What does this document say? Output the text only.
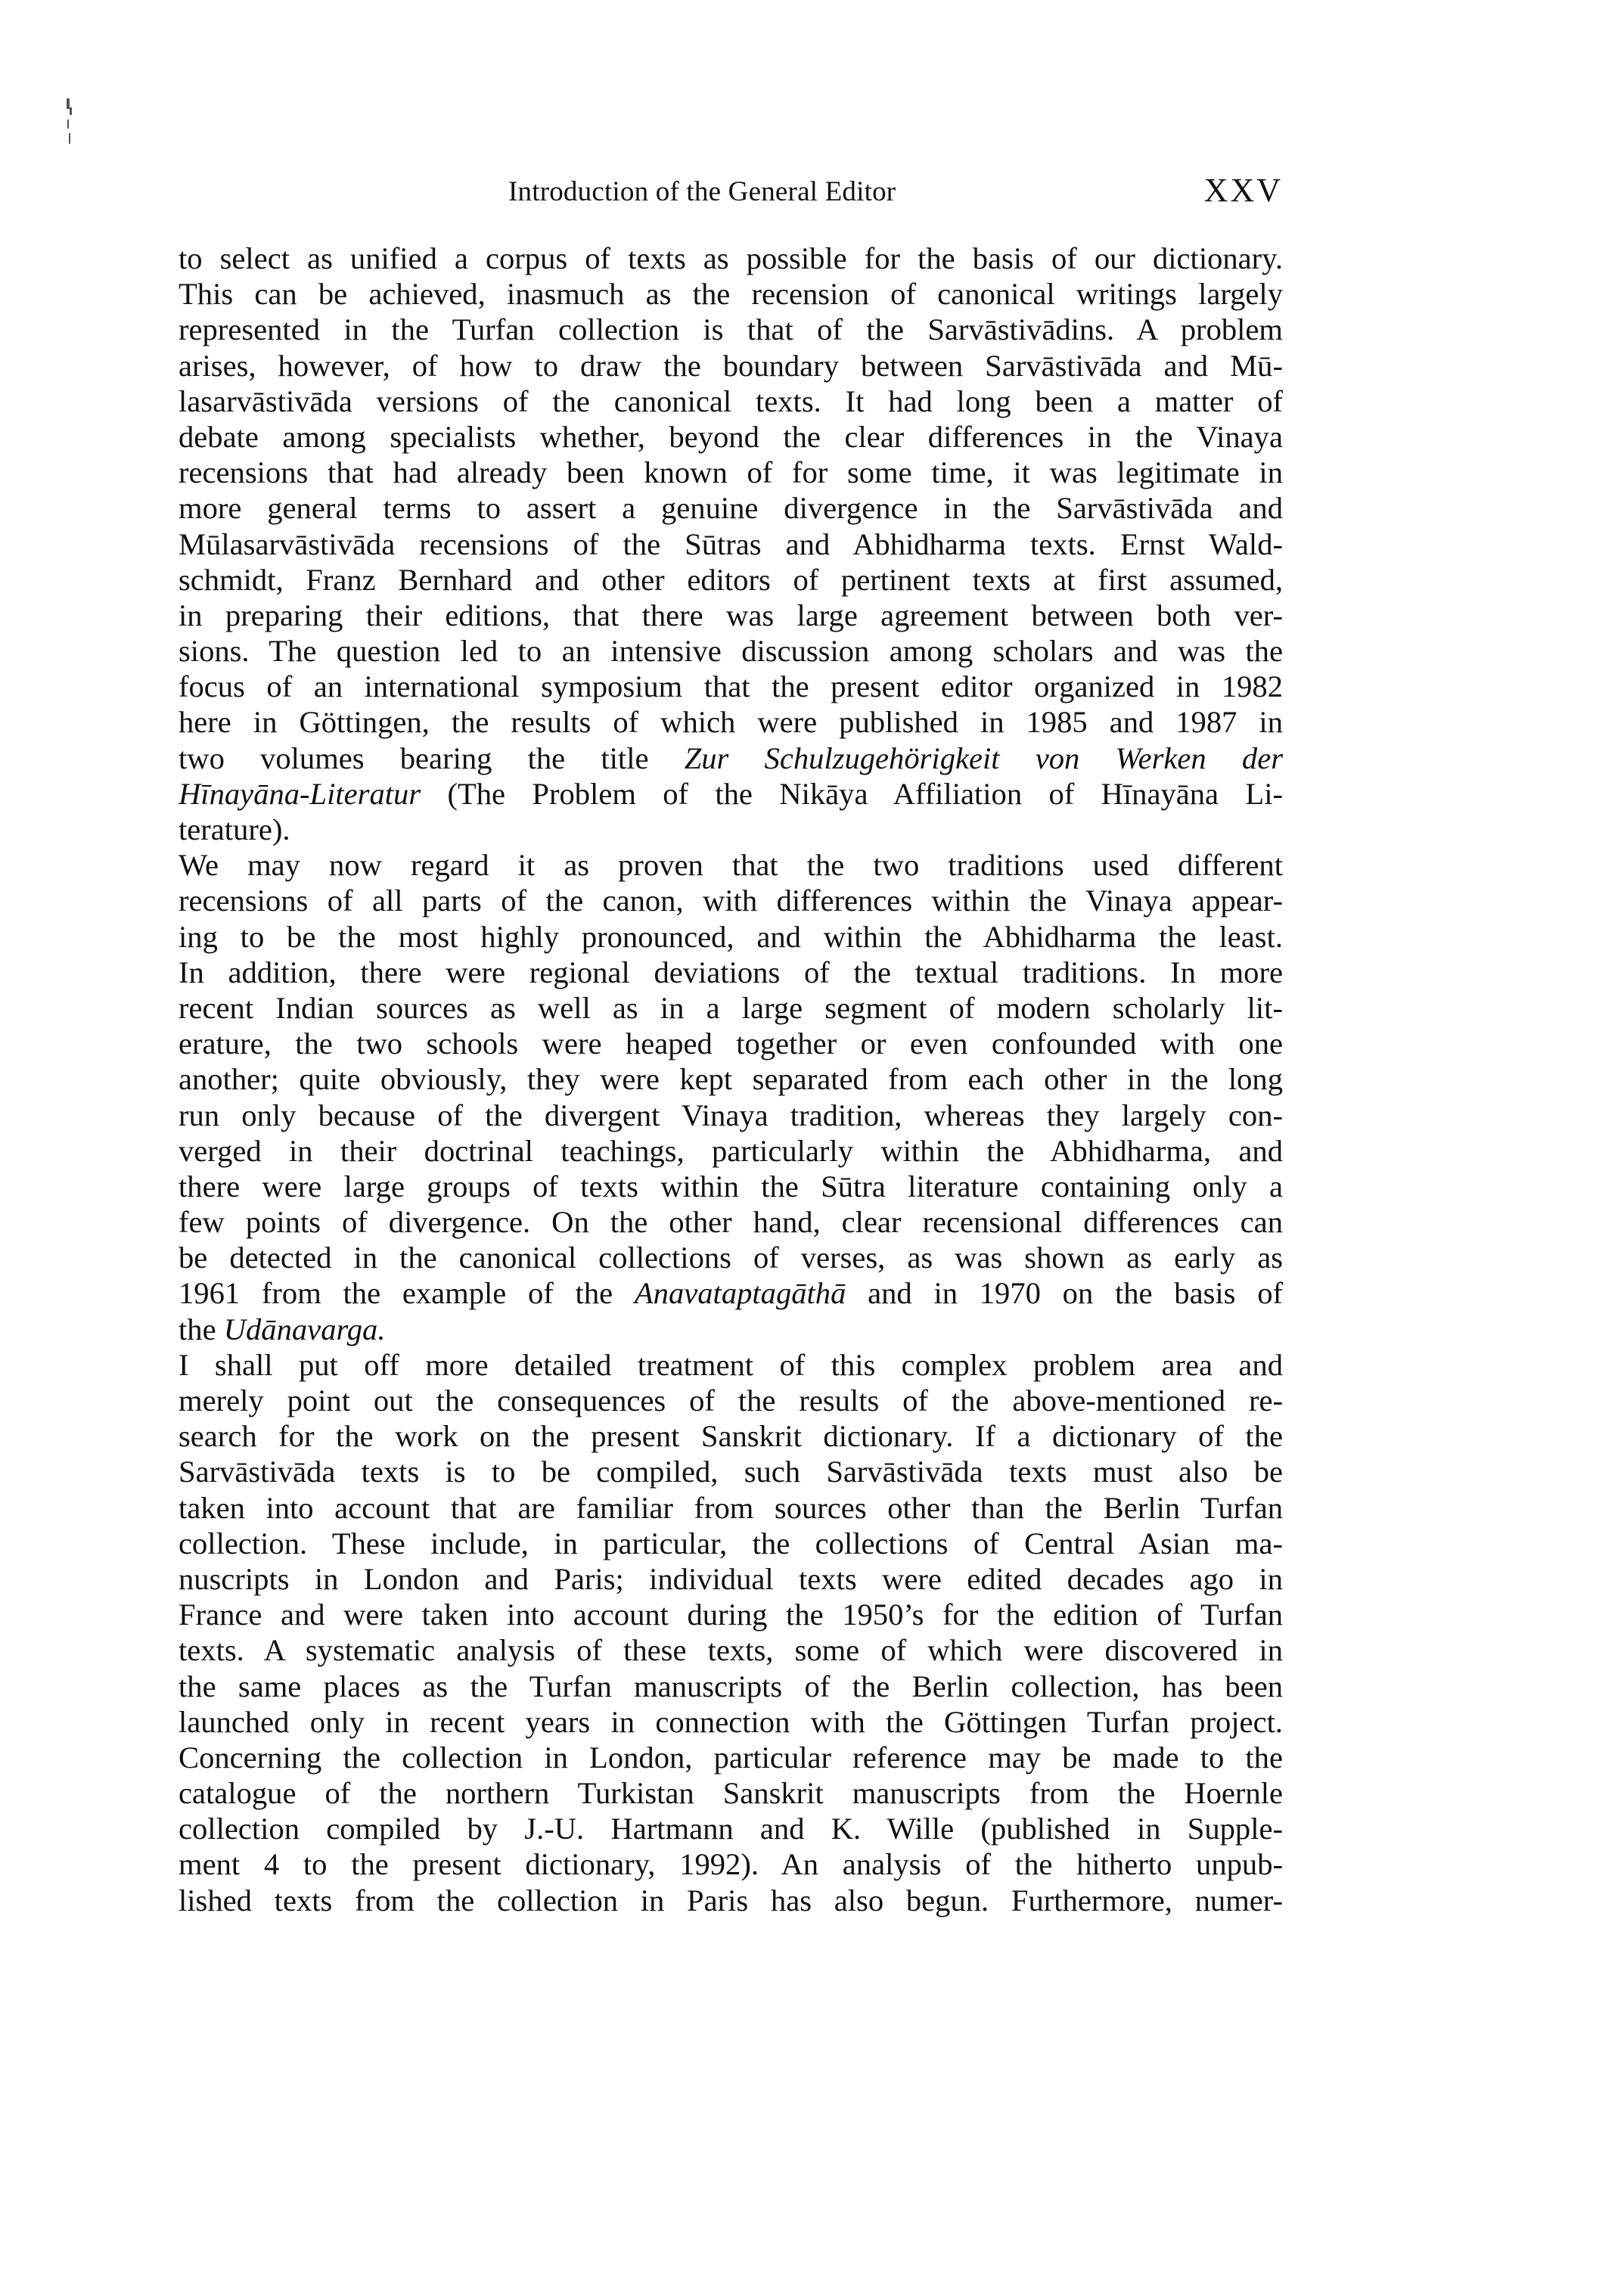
Introduction of the General Editor	XXV
to select as unified a corpus of texts as possible for the basis of our dictionary.
This can be achieved, inasmuch as the recension of canonical writings largely
represented in the Turfan collection is that of the Sarvāstivādins. A problem
arises, however, of how to draw the boundary between Sarvāstivāda and Mū-
lasarvāstivāda versions of the canonical texts. It had long been a matter of
debate among specialists whether, beyond the clear differences in the Vinaya
recensions that had already been known of for some time, it was legitimate in
more general terms to assert a genuine divergence in the Sarvāstivāda and
Mūlasarvāstivāda recensions of the Sūtras and Abhidharma texts. Ernst Wald-
schmidt, Franz Bernhard and other editors of pertinent texts at first assumed,
in preparing their editions, that there was large agreement between both ver-
sions. The question led to an intensive discussion among scholars and was the
focus of an international symposium that the present editor organized in 1982
here in Göttingen, the results of which were published in 1985 and 1987 in
two volumes bearing the title Zur Schulzugehörigkeit von Werken der
Hīnayāna-Literatur (The Problem of the Nikāya Affiliation of Hīnayāna Li-
terature).
We may now regard it as proven that the two traditions used different
recensions of all parts of the canon, with differences within the Vinaya appear-
ing to be the most highly pronounced, and within the Abhidharma the least.
In addition, there were regional deviations of the textual traditions. In more
recent Indian sources as well as in a large segment of modern scholarly lit-
erature, the two schools were heaped together or even confounded with one
another; quite obviously, they were kept separated from each other in the long
run only because of the divergent Vinaya tradition, whereas they largely con-
verged in their doctrinal teachings, particularly within the Abhidharma, and
there were large groups of texts within the Sūtra literature containing only a
few points of divergence. On the other hand, clear recensional differences can
be detected in the canonical collections of verses, as was shown as early as
1961 from the example of the Anavataptagāthā and in 1970 on the basis of
the Udānavarga.
I shall put off more detailed treatment of this complex problem area and
merely point out the consequences of the results of the above-mentioned re-
search for the work on the present Sanskrit dictionary. If a dictionary of the
Sarvāstivāda texts is to be compiled, such Sarvāstivāda texts must also be
taken into account that are familiar from sources other than the Berlin Turfan
collection. These include, in particular, the collections of Central Asian ma-
nuscripts in London and Paris; individual texts were edited decades ago in
France and were taken into account during the 1950’s for the edition of Turfan
texts. A systematic analysis of these texts, some of which were discovered in
the same places as the Turfan manuscripts of the Berlin collection, has been
launched only in recent years in connection with the Göttingen Turfan project.
Concerning the collection in London, particular reference may be made to the
catalogue of the northern Turkistan Sanskrit manuscripts from the Hoernle
collection compiled by J.-U. Hartmann and K. Wille (published in Supple-
ment 4 to the present dictionary, 1992). An analysis of the hitherto unpub-
lished texts from the collection in Paris has also begun. Furthermore, numer-
